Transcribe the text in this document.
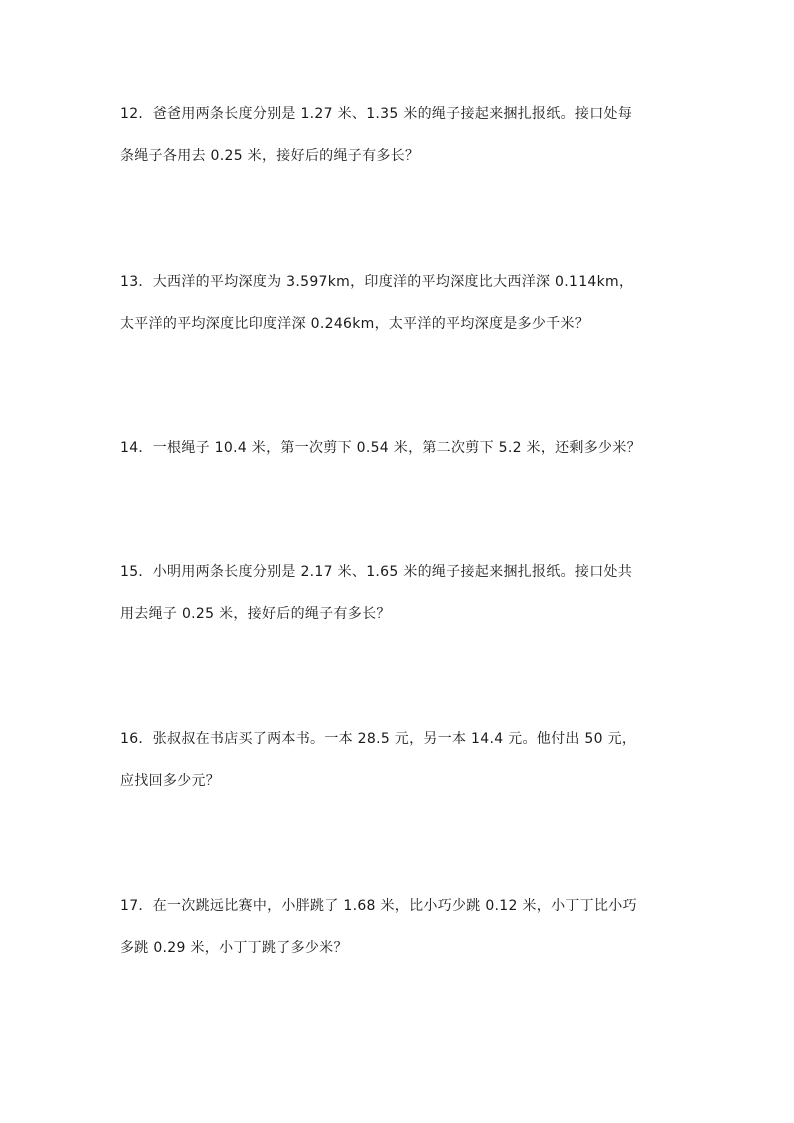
12．爸爸用两条长度分别是 1.27 米、1.35 米的绳子接起来捆扎报纸。接口处每
条绳子各用去 0.25 米，接好后的绳子有多长？
13．大西洋的平均深度为 3.597km，印度洋的平均深度比大西洋深 0.114km，
太平洋的平均深度比印度洋深 0.246km，太平洋的平均深度是多少千米？
14．一根绳子 10.4 米，第一次剪下 0.54 米，第二次剪下 5.2 米，还剩多少米？
15．小明用两条长度分别是 2.17 米、1.65 米的绳子接起来捆扎报纸。接口处共
用去绳子 0.25 米，接好后的绳子有多长？
16．张叔叔在书店买了两本书。一本 28.5 元，另一本 14.4 元。他付出 50 元，
应找回多少元？
17．在一次跳远比赛中，小胖跳了 1.68 米，比小巧少跳 0.12 米，小丁丁比小巧
多跳 0.29 米，小丁丁跳了多少米？
